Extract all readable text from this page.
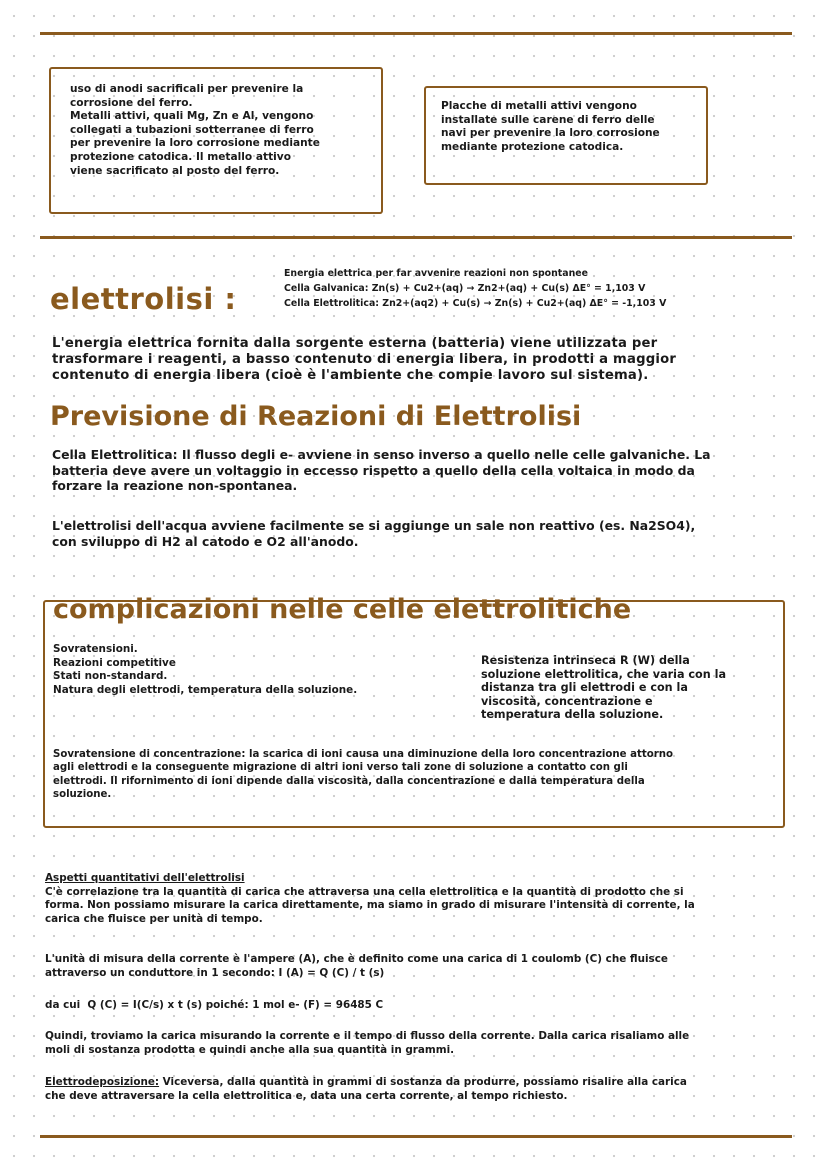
uso di anodi sacrificali per prevenire la
corrosione del ferro.
Metalli attivi, quali Mg, Zn e Al, vengono
collegati a tubazioni sotterranee di ferro
per prevenire la loro corrosione mediante
protezione catodica. Il metallo attivo
viene sacrificato al posto del ferro.
Placche di metalli attivi vengono
installate sulle carene di ferro delle
navi per prevenire la loro corrosione
mediante protezione catodica.
elettrolisi :
Energia elettrica per far avvenire reazioni non spontanee
Cella Galvanica: Zn(s) + Cu2+(aq) → Zn2+(aq) + Cu(s) ΔE° = 1,103 V
Cella Elettrolitica: Zn2+(aq2) + Cu(s) → Zn(s) + Cu2+(aq) ΔE° = -1,103 V
L'energia elettrica fornita dalla sorgente esterna (batteria) viene utilizzata per
trasformare i reagenti, a basso contenuto di energia libera, in prodotti a maggior
contenuto di energia libera (cioè è l'ambiente che compie lavoro sul sistema).
Previsione di Reazioni di Elettrolisi
Cella Elettrolitica: Il flusso degli e- avviene in senso inverso a quello nelle celle galvaniche. La
batteria deve avere un voltaggio in eccesso rispetto a quello della cella voltaica in modo da
forzare la reazione non-spontanea.
L'elettrolisi dell'acqua avviene facilmente se si aggiunge un sale non reattivo (es. Na2SO4),
con sviluppo di H2 al catodo e O2 all'anodo.
complicazioni nelle celle elettrolitiche
Sovratensioni.
Reazioni competitive
Stati non-standard.
Natura degli elettrodi, temperatura della soluzione.
Resistenza intrinseca R (W) della
soluzione elettrolitica, che varia con la
distanza tra gli elettrodi e con la
viscosità, concentrazione e
temperatura della soluzione.
Sovratensione di concentrazione: la scarica di ioni causa una diminuzione della loro concentrazione attorno
agli elettrodi e la conseguente migrazione di altri ioni verso tali zone di soluzione a contatto con gli
elettrodi. Il rifornimento di ioni dipende dalla viscosità, dalla concentrazione e dalla temperatura della
soluzione.
Aspetti quantitativi dell'elettrolisi
C'è correlazione tra la quantità di carica che attraversa una cella elettrolitica e la quantità di prodotto che si
forma. Non possiamo misurare la carica direttamente, ma siamo in grado di misurare l'intensità di corrente, la
carica che fluisce per unità di tempo.
L'unità di misura della corrente è l'ampere (A), che è definito come una carica di 1 coulomb (C) che fluisce
attraverso un conduttore in 1 secondo: I (A) = Q (C) / t (s)
da cui  Q (C) = I(C/s) x t (s) poiché: 1 mol e- (F) = 96485 C
Quindi, troviamo la carica misurando la corrente e il tempo di flusso della corrente. Dalla carica risaliamo alle
moli di sostanza prodotta e quindi anche alla sua quantità in grammi.
Elettrodeposizione: Viceversa, dalla quantità in grammi di sostanza da produrre, possiamo risalire alla carica
che deve attraversare la cella elettrolitica e, data una certa corrente, al tempo richiesto.
